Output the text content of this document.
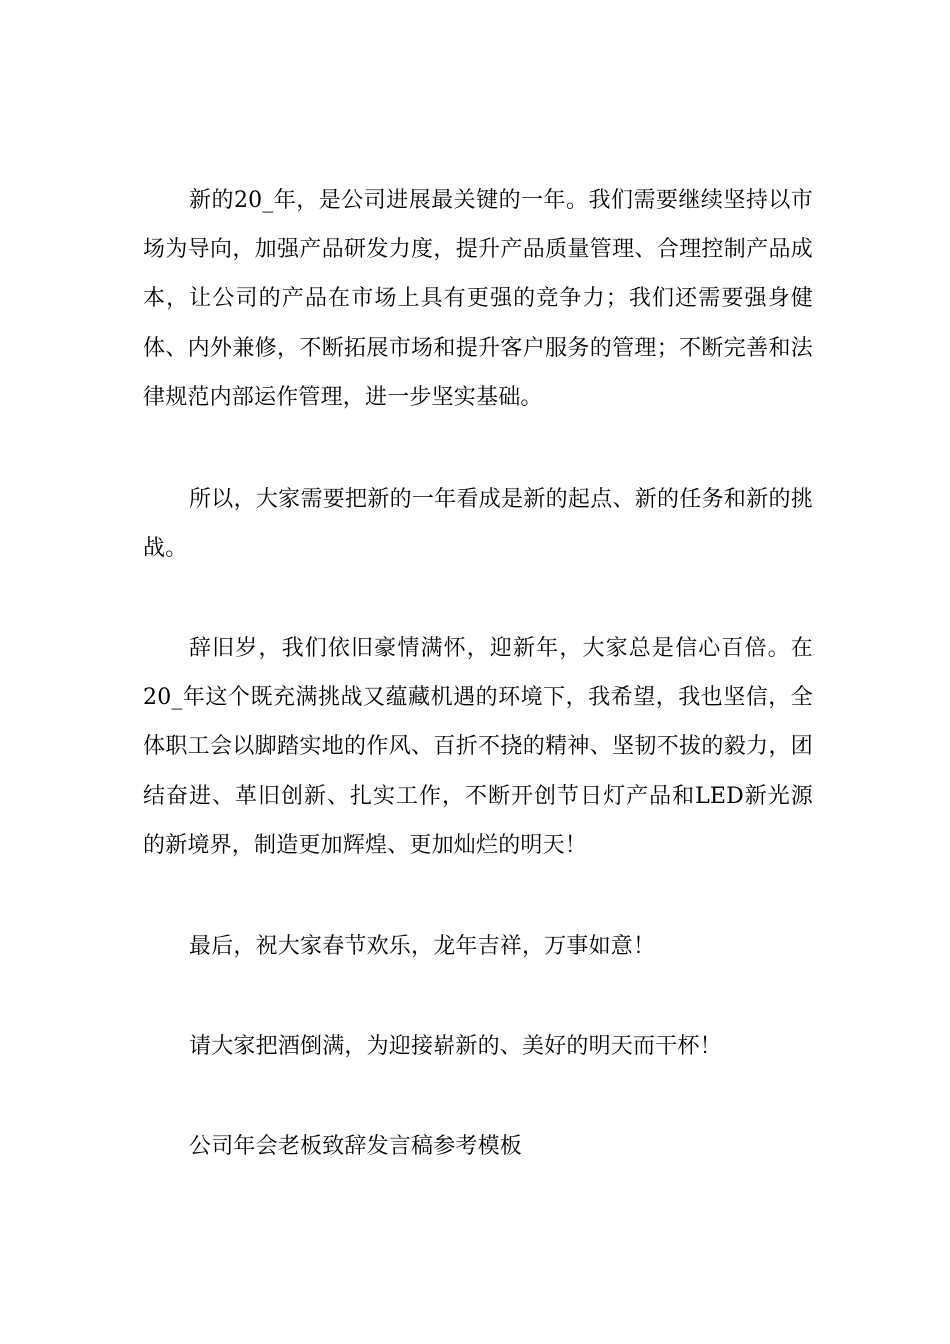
新的20_年，是公司进展最关键的一年。我们需要继续坚持以市场为导向，加强产品研发力度，提升产品质量管理、合理控制产品成本，让公司的产品在市场上具有更强的竞争力；我们还需要强身健体、内外兼修，不断拓展市场和提升客户服务的管理；不断完善和法律规范内部运作管理，进一步坚实基础。

所以，大家需要把新的一年看成是新的起点、新的任务和新的挑战。

辞旧岁，我们依旧豪情满怀，迎新年，大家总是信心百倍。在20_年这个既充满挑战又蕴藏机遇的环境下，我希望，我也坚信，全体职工会以脚踏实地的作风、百折不挠的精神、坚韧不拔的毅力，团结奋进、革旧创新、扎实工作，不断开创节日灯产品和LED新光源的新境界，制造更加辉煌、更加灿烂的明天！

最后，祝大家春节欢乐，龙年吉祥，万事如意！

请大家把酒倒满，为迎接崭新的、美好的明天而干杯！

公司年会老板致辞发言稿参考模板
